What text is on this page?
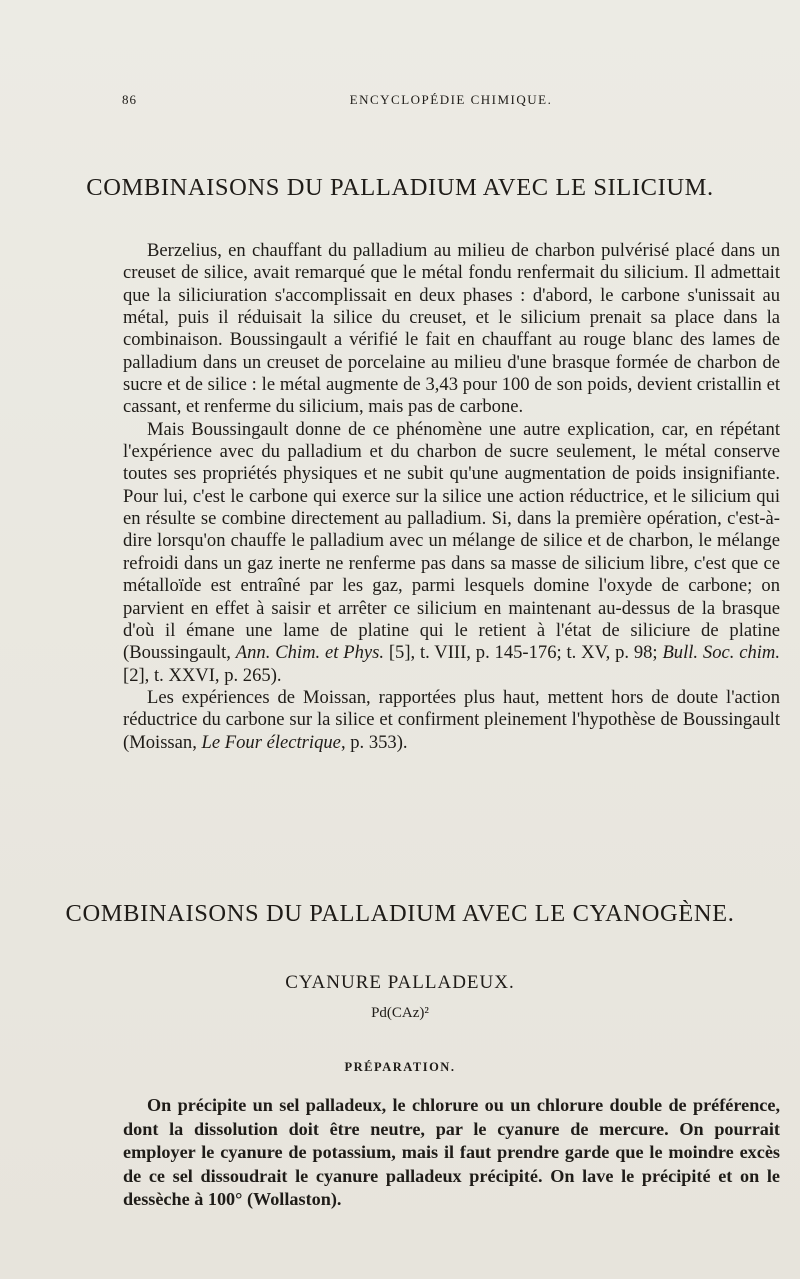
86	ENCYCLOPÉDIE CHIMIQUE.
COMBINAISONS DU PALLADIUM AVEC LE SILICIUM.

Berzelius, en chauffant du palladium au milieu de charbon pulvérisé placé dans un creuset de silice, avait remarqué que le métal fondu renfermait du silicium. Il admettait que la siliciuration s'accomplissait en deux phases : d'abord, le carbone s'unissait au métal, puis il réduisait la silice du creuset, et le silicium prenait sa place dans la combinaison. Boussingault a vérifié le fait en chauffant au rouge blanc des lames de palladium dans un creuset de porcelaine au milieu d'une brasque formée de charbon de sucre et de silice : le métal augmente de 3,43 pour 100 de son poids, devient cristallin et cassant, et renferme du silicium, mais pas de carbone.

Mais Boussingault donne de ce phénomène une autre explication, car, en répétant l'expérience avec du palladium et du charbon de sucre seulement, le métal conserve toutes ses propriétés physiques et ne subit qu'une augmentation de poids insignifiante. Pour lui, c'est le carbone qui exerce sur la silice une action réductrice, et le silicium qui en résulte se combine directement au palladium. Si, dans la première opération, c'est-à-dire lorsqu'on chauffe le palladium avec un mélange de silice et de charbon, le mélange refroidi dans un gaz inerte ne renferme pas dans sa masse de silicium libre, c'est que ce métalloïde est entraîné par les gaz, parmi lesquels domine l'oxyde de carbone; on parvient en effet à saisir et arrêter ce silicium en maintenant au-dessus de la brasque d'où il émane une lame de platine qui le retient à l'état de siliciure de platine (Boussingault, Ann. Chim. et Phys. [5], t. VIII, p. 145-176; t. XV, p. 98; Bull. Soc. chim. [2], t. XXVI, p. 265).

Les expériences de Moissan, rapportées plus haut, mettent hors de doute l'action réductrice du carbone sur la silice et confirment pleinement l'hypothèse de Boussingault (Moissan, Le Four électrique, p. 353).

COMBINAISONS DU PALLADIUM AVEC LE CYANOGÈNE.
CYANURE PALLADEUX.
Pd(CAz)²
PRÉPARATION.

On précipite un sel palladeux, le chlorure ou un chlorure double de préférence, dont la dissolution doit être neutre, par le cyanure de mercure. On pourrait employer le cyanure de potassium, mais il faut prendre garde que le moindre excès de ce sel dissoudrait le cyanure palladeux précipité. On lave le précipité et on le dessèche à 100° (Wollaston).
